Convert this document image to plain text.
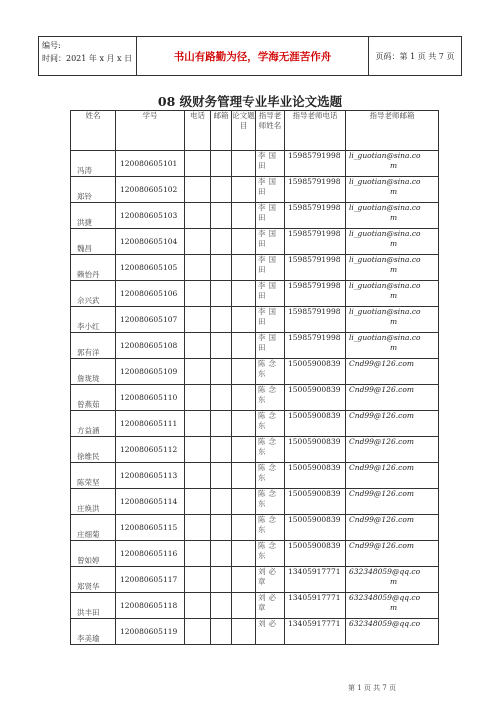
编号:
时间：2021 年 x 月 x 日	书山有路勤为径，学海无涯苦作舟	页码：第 1 页 共 7 页
08 级财务管理专业毕业论文选题
姓名	学号	电话	邮箱	论文题目	指导老师姓名	指导老师电话	指导老师邮箱
冯涛	120080605101				李国田	15985791998	li_guotian@sina.co
m

郑铃	120080605102				李国田	15985791998	li_guotian@sina.co
m

洪捷	120080605103				李国田	15985791998	li_guotian@sina.co
m

魏昌	120080605104				李国田	15985791998	li_guotian@sina.co
m

赖怡丹	120080605105				李国田	15985791998	li_guotian@sina.co
m

佘兴武	120080605106				李国田	15985791998	li_guotian@sina.co
m

李小红	120080605107				李国田	15985791998	li_guotian@sina.co
m

郭有洋	120080605108				李国田	15985791998	li_guotian@sina.co
m

詹珑珑	120080605109				陈念东	15005900839	Cnd99@126.com

曾燕茹	120080605110				陈念东	15005900839	Cnd99@126.com

方益涵	120080605111				陈念东	15005900839	Cnd99@126.com

徐维民	120080605112				陈念东	15005900839	Cnd99@126.com

陈荣坚	120080605113				陈念东	15005900839	Cnd99@126.com

庄焕洪	120080605114				陈念东	15005900839	Cnd99@126.com

庄细菊	120080605115				陈念东	15005900839	Cnd99@126.com

曾如婷	120080605116				陈念东	15005900839	Cnd99@126.com

郑贤华	120080605117				刘必章	13405917771	632348059@qq.co
m

洪丰田	120080605118				刘必章	13405917771	632348059@qq.co
m

李美瑜	120080605119				刘必	13405917771	632348059@qq.co
第 1 页 共 7 页
